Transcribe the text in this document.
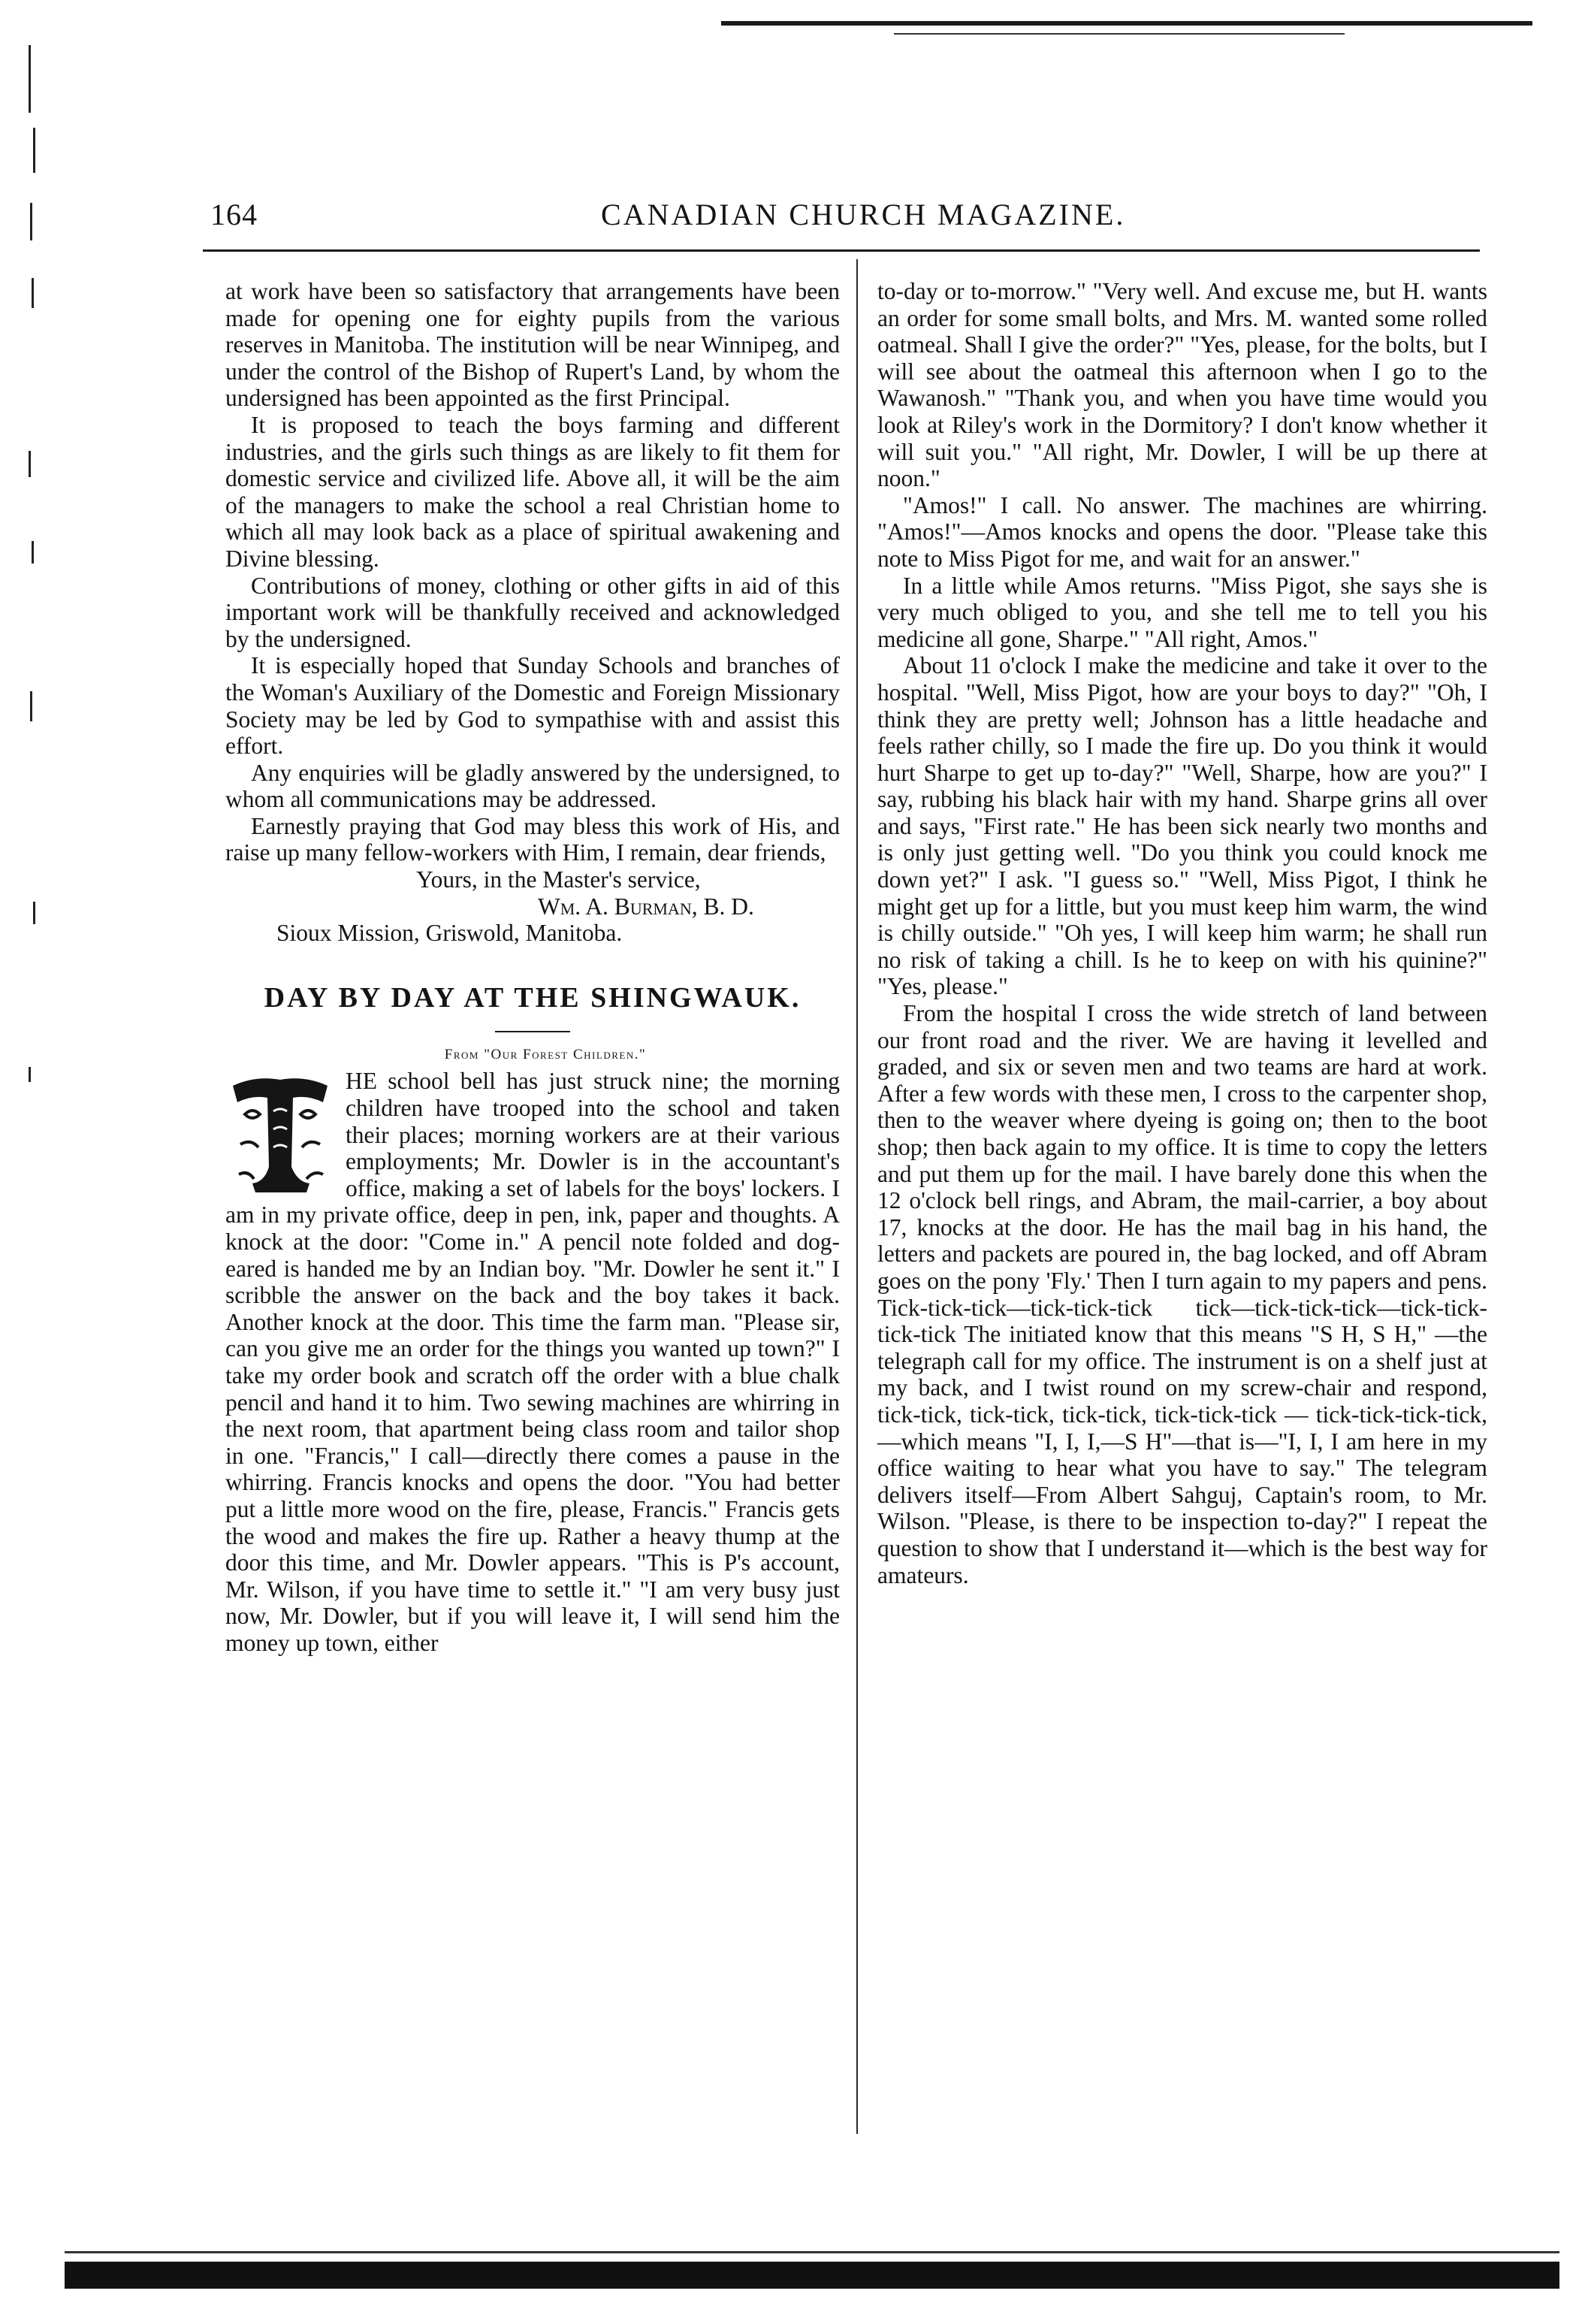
164	CANADIAN CHURCH MAGAZINE.

at work have been so satisfactory that arrangements have been made for opening one for eighty pupils from the various reserves in Manitoba. The institution will be near Winnipeg, and under the control of the Bishop of Rupert's Land, by whom the undersigned has been appointed as the first Principal.

It is proposed to teach the boys farming and different industries, and the girls such things as are likely to fit them for domestic service and civilized life. Above all, it will be the aim of the managers to make the school a real Christian home to which all may look back as a place of spiritual awakening and Divine blessing.

Contributions of money, clothing or other gifts in aid of this important work will be thankfully received and acknowledged by the undersigned.

It is especially hoped that Sunday Schools and branches of the Woman's Auxiliary of the Domestic and Foreign Missionary Society may be led by God to sympathise with and assist this effort.

Any enquiries will be gladly answered by the undersigned, to whom all communications may be addressed.

Earnestly praying that God may bless this work of His, and raise up many fellow-workers with Him, I remain, dear friends,

Yours, in the Master's service,

Wm. A. Burman, B. D.

Sioux Mission, Griswold, Manitoba.

DAY BY DAY AT THE SHINGWAUK.

From "Our Forest Children."

HE school bell has just struck nine; the morning children have trooped into the school and taken their places; morning workers are at their various employments; Mr. Dowler is in the accountant's office, making a set of labels for the boys' lockers. I am in my private office, deep in pen, ink, paper and thoughts. A knock at the door: "Come in." A pencil note folded and dog-eared is handed me by an Indian boy. "Mr. Dowler he sent it." I scribble the answer on the back and the boy takes it back. Another knock at the door. This time the farm man. "Please sir, can you give me an order for the things you wanted up town?" I take my order book and scratch off the order with a blue chalk pencil and hand it to him. Two sewing machines are whirring in the next room, that apartment being class room and tailor shop in one. "Francis," I call—directly there comes a pause in the whirring. Francis knocks and opens the door. "You had better put a little more wood on the fire, please, Francis." Francis gets the wood and makes the fire up. Rather a heavy thump at the door this time, and Mr. Dowler appears. "This is P's account, Mr. Wilson, if you have time to settle it." "I am very busy just now, Mr. Dowler, but if you will leave it, I will send him the money up town, either

to-day or to-morrow." "Very well. And excuse me, but H. wants an order for some small bolts, and Mrs. M. wanted some rolled oatmeal. Shall I give the order?" "Yes, please, for the bolts, but I will see about the oatmeal this afternoon when I go to the Wawanosh." "Thank you, and when you have time would you look at Riley's work in the Dormitory? I don't know whether it will suit you." "All right, Mr. Dowler, I will be up there at noon."

"Amos!" I call. No answer. The machines are whirring. "Amos!"—Amos knocks and opens the door. "Please take this note to Miss Pigot for me, and wait for an answer."

In a little while Amos returns. "Miss Pigot, she says she is very much obliged to you, and she tell me to tell you his medicine all gone, Sharpe." "All right, Amos."

About 11 o'clock I make the medicine and take it over to the hospital. "Well, Miss Pigot, how are your boys to day?" "Oh, I think they are pretty well; Johnson has a little headache and feels rather chilly, so I made the fire up. Do you think it would hurt Sharpe to get up to-day?" "Well, Sharpe, how are you?" I say, rubbing his black hair with my hand. Sharpe grins all over and says, "First rate." He has been sick nearly two months and is only just getting well. "Do you think you could knock me down yet?" I ask. "I guess so." "Well, Miss Pigot, I think he might get up for a little, but you must keep him warm, the wind is chilly outside." "Oh yes, I will keep him warm; he shall run no risk of taking a chill. Is he to keep on with his quinine?" "Yes, please."

From the hospital I cross the wide stretch of land between our front road and the river. We are having it levelled and graded, and six or seven men and two teams are hard at work. After a few words with these men, I cross to the carpenter shop, then to the weaver where dyeing is going on; then to the boot shop; then back again to my office. It is time to copy the letters and put them up for the mail. I have barely done this when the 12 o'clock bell rings, and Abram, the mail-carrier, a boy about 17, knocks at the door. He has the mail bag in his hand, the letters and packets are poured in, the bag locked, and off Abram goes on the pony 'Fly.' Then I turn again to my papers and pens. Tick-tick-tick—tick-tick-tick tick—tick-tick-tick—tick-tick-tick-tick The initiated know that this means "S H, S H," —the telegraph call for my office. The instrument is on a shelf just at my back, and I twist round on my screw-chair and respond, tick-tick, tick-tick, tick-tick, tick-tick-tick — tick-tick-tick-tick,—which means "I, I, I,—S H"—that is—"I, I, I am here in my office waiting to hear what you have to say." The telegram delivers itself—From Albert Sahguj, Captain's room, to Mr. Wilson. "Please, is there to be inspection to-day?" I repeat the question to show that I understand it—which is the best way for amateurs.
